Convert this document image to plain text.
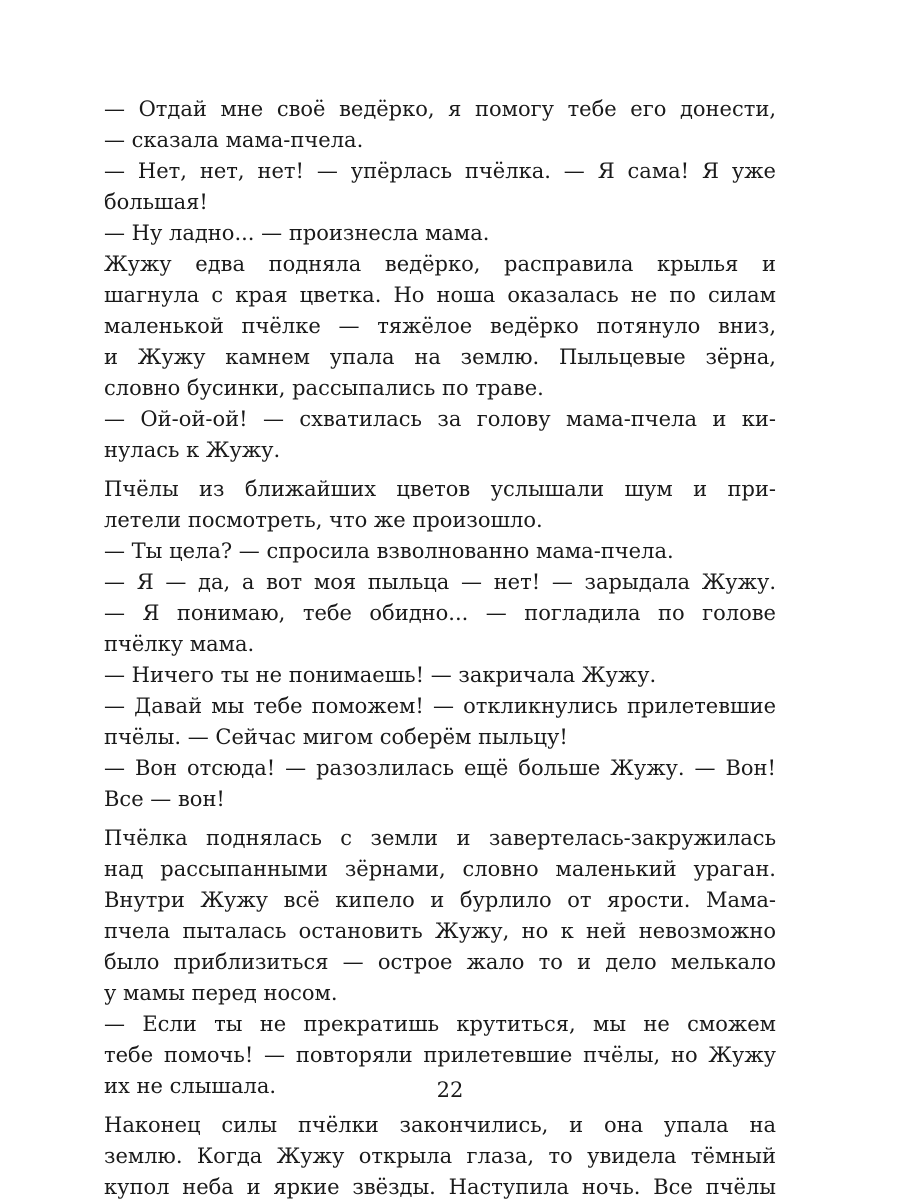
— Отдай мне своё ведёрко, я помогу тебе его донести,
— сказала мама-пчела.
— Нет, нет, нет! — упёрлась пчёлка. — Я сама! Я уже
большая!
— Ну ладно... — произнесла мама.
Жужу едва подняла ведёрко, расправила крылья и
шагнула с края цветка. Но ноша оказалась не по силам
маленькой пчёлке — тяжёлое ведёрко потянуло вниз,
и Жужу камнем упала на землю. Пыльцевые зёрна,
словно бусинки, рассыпались по траве.
— Ой-ой-ой! — схватилась за голову мама-пчела и ки-
нулась к Жужу.
Пчёлы из ближайших цветов услышали шум и при-
летели посмотреть, что же произошло.
— Ты цела? — спросила взволнованно мама-пчела.
— Я — да, а вот моя пыльца — нет! — зарыдала Жужу.
— Я понимаю, тебе обидно... — погладила по голове
пчёлку мама.
— Ничего ты не понимаешь! — закричала Жужу.
— Давай мы тебе поможем! — откликнулись прилетевшие
пчёлы. — Сейчас мигом соберём пыльцу!
— Вон отсюда! — разозлилась ещё больше Жужу. — Вон!
Все — вон!
Пчёлка поднялась с земли и завертелась-закружилась
над рассыпанными зёрнами, словно маленький ураган.
Внутри Жужу всё кипело и бурлило от ярости. Мама-
пчела пыталась остановить Жужу, но к ней невозможно
было приблизиться — острое жало то и дело мелькало
у мамы перед носом.
— Если ты не прекратишь крутиться, мы не сможем
тебе помочь! — повторяли прилетевшие пчёлы, но Жужу
их не слышала.
Наконец силы пчёлки закончились, и она упала на
землю. Когда Жужу открыла глаза, то увидела тёмный
купол неба и яркие звёзды. Наступила ночь. Все пчёлы
22
